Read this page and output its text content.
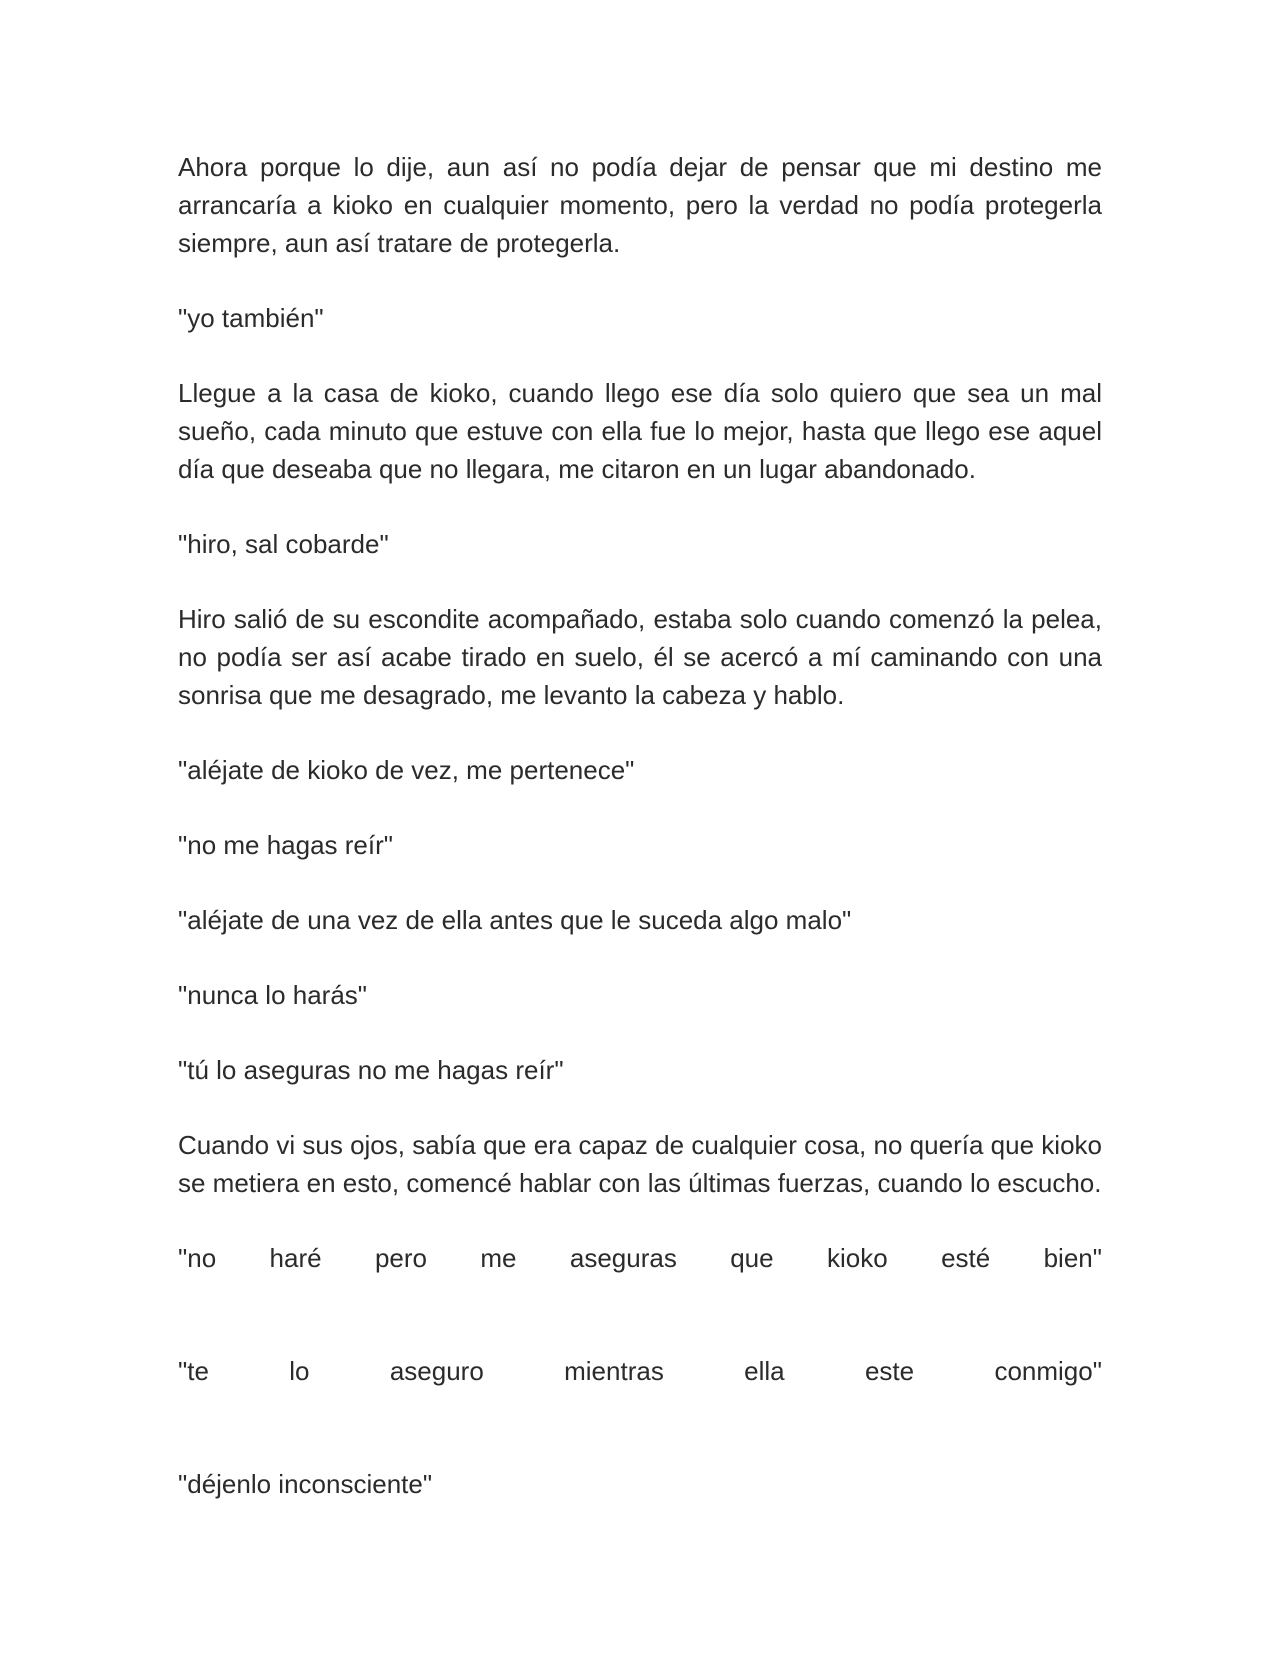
Ahora porque lo dije, aun así no podía dejar de pensar que mi destino me
arrancaría a kioko en cualquier momento, pero la verdad no podía protegerla
siempre, aun así tratare de protegerla.

"yo también"

Llegue a la casa de kioko, cuando llego ese día solo quiero que sea un mal
sueño, cada minuto que estuve con ella fue lo mejor, hasta que llego ese aquel
día que deseaba que no llegara, me citaron en un lugar abandonado.

"hiro, sal cobarde"

Hiro salió de su escondite acompañado, estaba solo cuando comenzó la pelea,
no podía ser así acabe tirado en suelo, él se acercó a mí caminando con una
sonrisa que me desagrado, me levanto la cabeza y hablo.

"aléjate de kioko de vez, me pertenece"

"no me hagas reír"

"aléjate de una vez de ella antes que le suceda algo malo"

"nunca lo harás"

"tú lo aseguras no me hagas reír"

Cuando vi sus ojos, sabía que era capaz de cualquier cosa, no quería que kioko
se metiera en esto, comencé hablar con las últimas fuerzas, cuando lo escucho.

"no haré pero me aseguras que kioko esté bien"
"te	lo	aseguro	mientras	ella	este	conmigo"

"déjenlo inconsciente"
